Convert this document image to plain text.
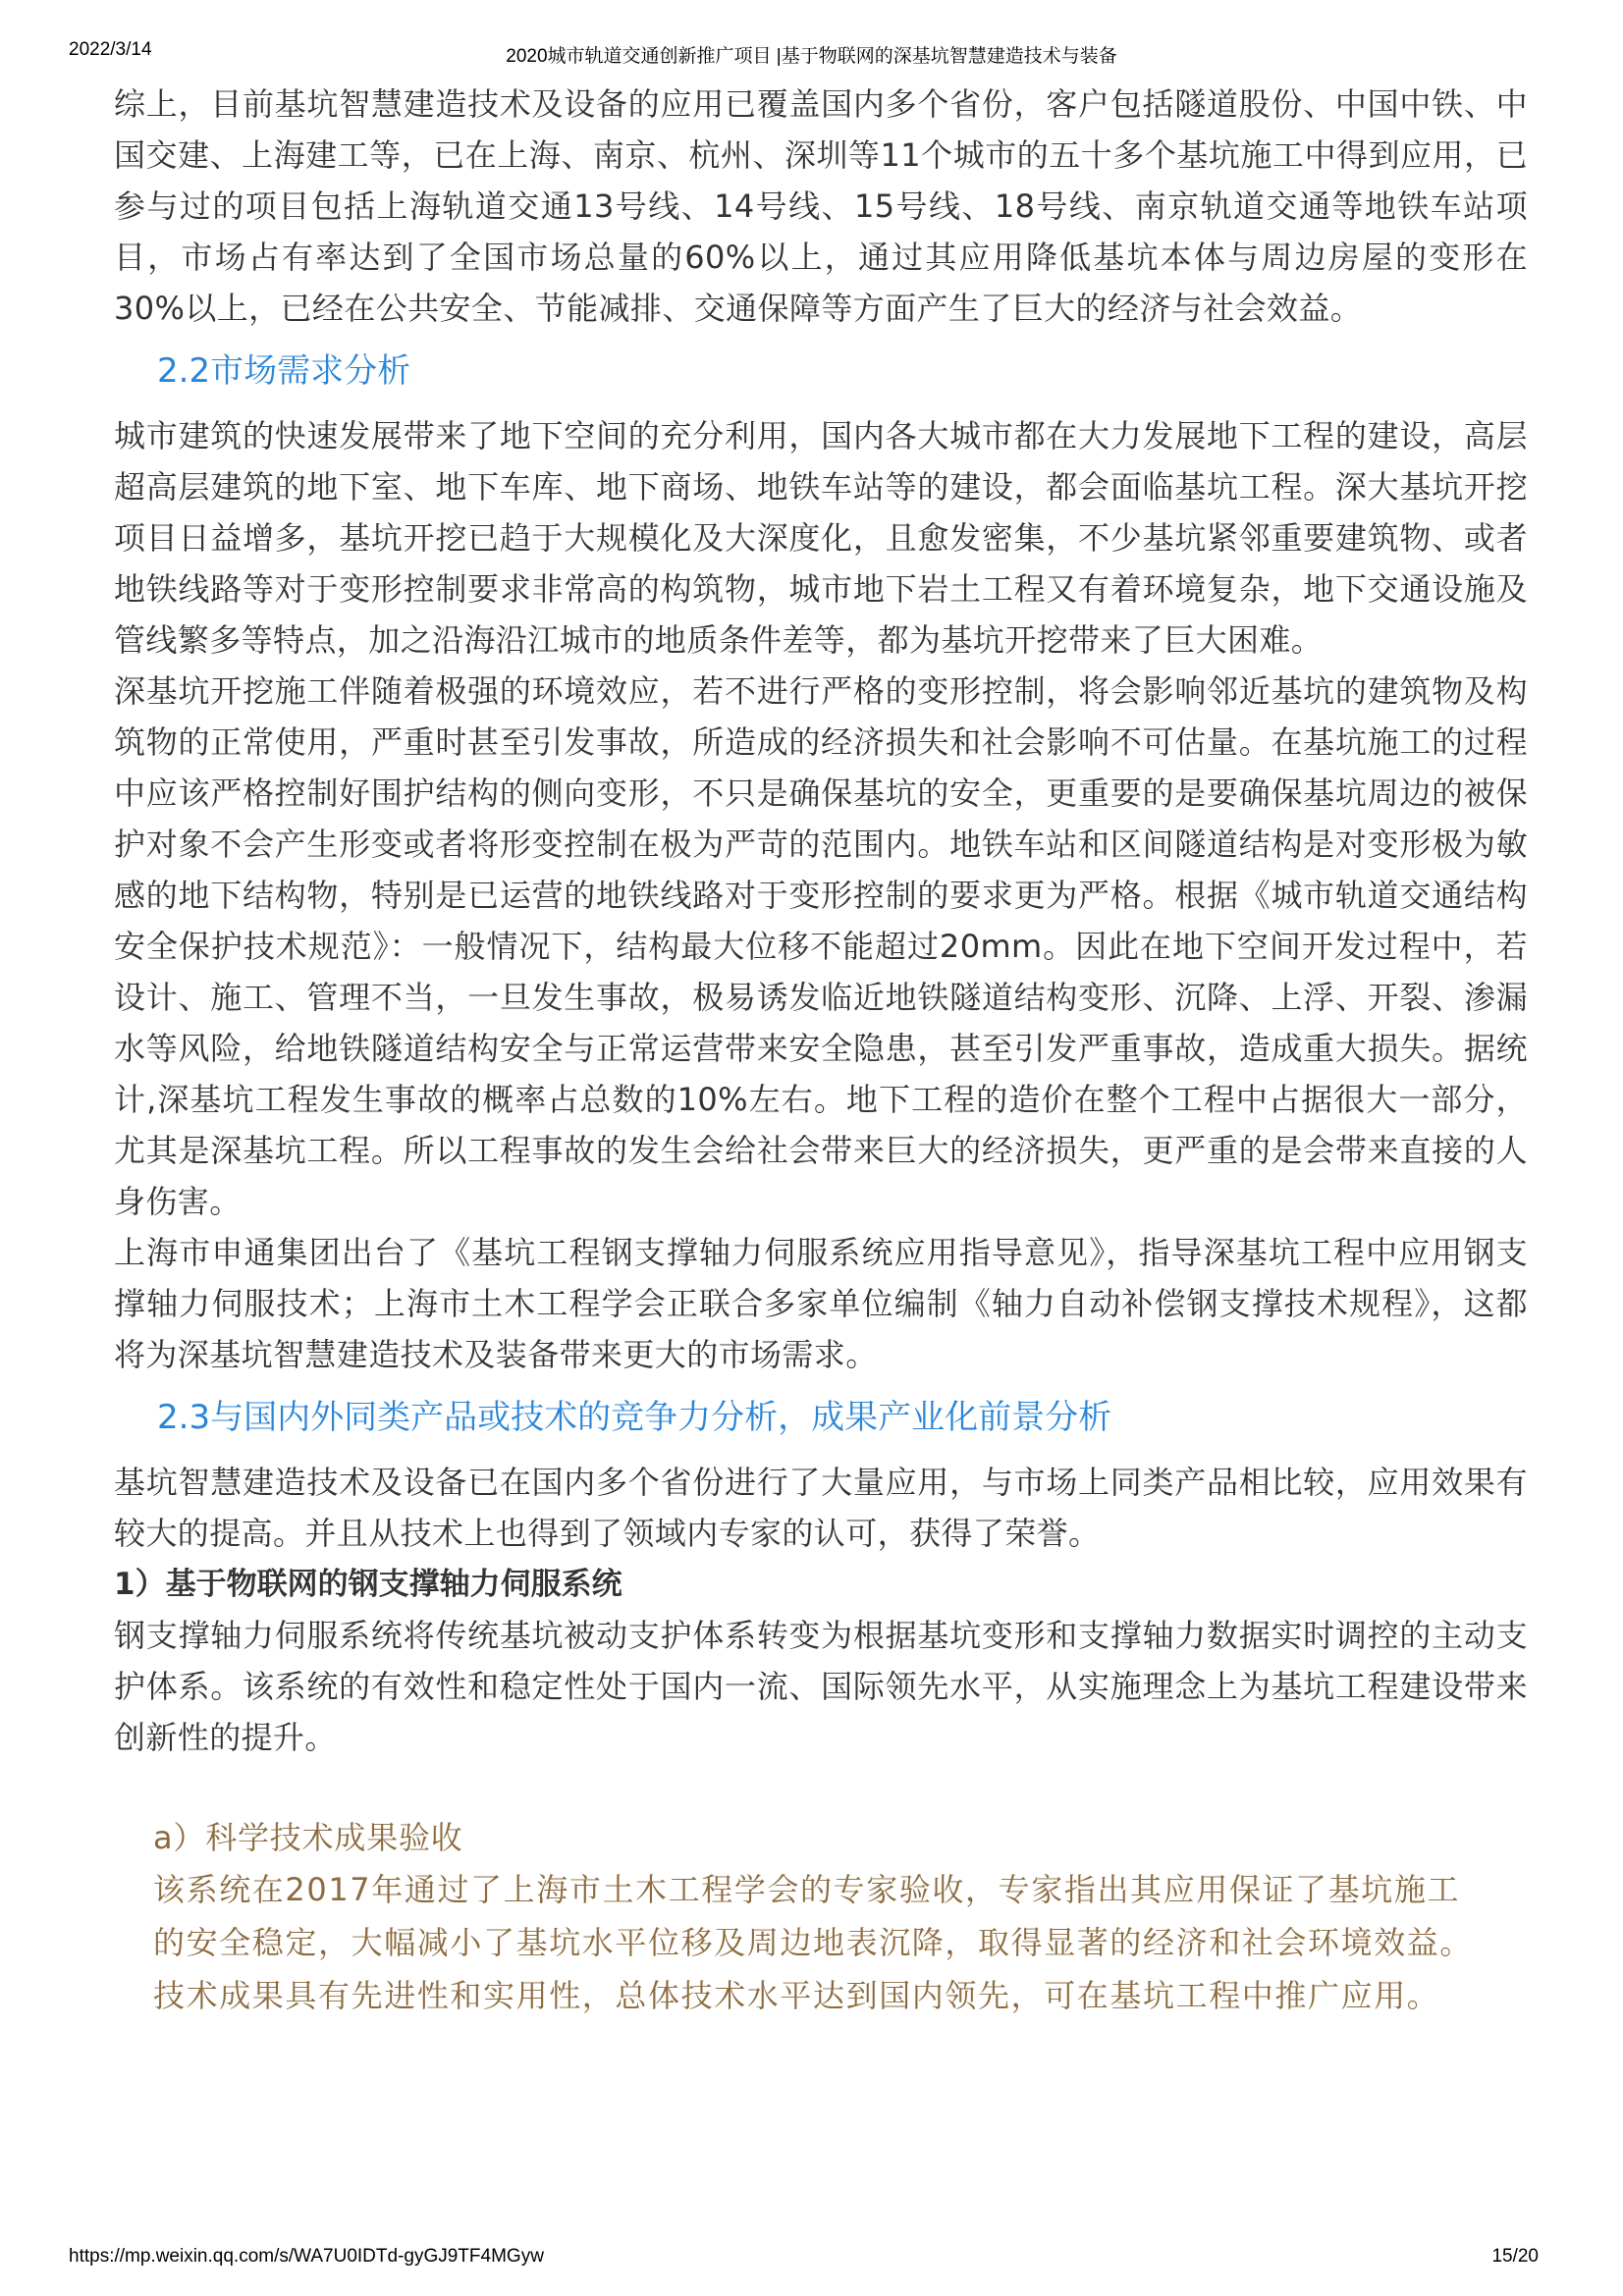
2022/3/14	2020城市轨道交通创新推广项目 |基于物联网的深基坑智慧建造技术与装备

综上，目前基坑智慧建造技术及设备的应用已覆盖国内多个省份，客户包括隧道股份、中国中铁、中国交建、上海建工等，已在上海、南京、杭州、深圳等11个城市的五十多个基坑施工中得到应用，已参与过的项目包括上海轨道交通13号线、14号线、15号线、18号线、南京轨道交通等地铁车站项目，市场占有率达到了全国市场总量的60%以上，通过其应用降低基坑本体与周边房屋的变形在30%以上，已经在公共安全、节能减排、交通保障等方面产生了巨大的经济与社会效益。

2.2市场需求分析

城市建筑的快速发展带来了地下空间的充分利用，国内各大城市都在大力发展地下工程的建设，高层超高层建筑的地下室、地下车库、地下商场、地铁车站等的建设，都会面临基坑工程。深大基坑开挖项目日益增多，基坑开挖已趋于大规模化及大深度化，且愈发密集，不少基坑紧邻重要建筑物、或者地铁线路等对于变形控制要求非常高的构筑物，城市地下岩土工程又有着环境复杂，地下交通设施及管线繁多等特点，加之沿海沿江城市的地质条件差等，都为基坑开挖带来了巨大困难。

深基坑开挖施工伴随着极强的环境效应，若不进行严格的变形控制，将会影响邻近基坑的建筑物及构筑物的正常使用，严重时甚至引发事故，所造成的经济损失和社会影响不可估量。在基坑施工的过程中应该严格控制好围护结构的侧向变形，不只是确保基坑的安全，更重要的是要确保基坑周边的被保护对象不会产生形变或者将形变控制在极为严苛的范围内。地铁车站和区间隧道结构是对变形极为敏感的地下结构物，特别是已运营的地铁线路对于变形控制的要求更为严格。根据《城市轨道交通结构安全保护技术规范》：一般情况下，结构最大位移不能超过20mm。因此在地下空间开发过程中，若设计、施工、管理不当，一旦发生事故，极易诱发临近地铁隧道结构变形、沉降、上浮、开裂、渗漏水等风险，给地铁隧道结构安全与正常运营带来安全隐患，甚至引发严重事故，造成重大损失。据统计,深基坑工程发生事故的概率占总数的10%左右。地下工程的造价在整个工程中占据很大一部分，尤其是深基坑工程。所以工程事故的发生会给社会带来巨大的经济损失，更严重的是会带来直接的人身伤害。

上海市申通集团出台了《基坑工程钢支撑轴力伺服系统应用指导意见》，指导深基坑工程中应用钢支撑轴力伺服技术；上海市土木工程学会正联合多家单位编制《轴力自动补偿钢支撑技术规程》，这都将为深基坑智慧建造技术及装备带来更大的市场需求。

2.3与国内外同类产品或技术的竞争力分析，成果产业化前景分析

基坑智慧建造技术及设备已在国内多个省份进行了大量应用，与市场上同类产品相比较，应用效果有较大的提高。并且从技术上也得到了领域内专家的认可，获得了荣誉。

1）基于物联网的钢支撑轴力伺服系统

钢支撑轴力伺服系统将传统基坑被动支护体系转变为根据基坑变形和支撑轴力数据实时调控的主动支护体系。该系统的有效性和稳定性处于国内一流、国际领先水平，从实施理念上为基坑工程建设带来创新性的提升。

a）科学技术成果验收

该系统在2017年通过了上海市土木工程学会的专家验收，专家指出其应用保证了基坑施工的安全稳定，大幅减小了基坑水平位移及周边地表沉降，取得显著的经济和社会环境效益。技术成果具有先进性和实用性，总体技术水平达到国内领先，可在基坑工程中推广应用。

https://mp.weixin.qq.com/s/WA7U0IDTd-gyGJ9TF4MGyw	15/20
